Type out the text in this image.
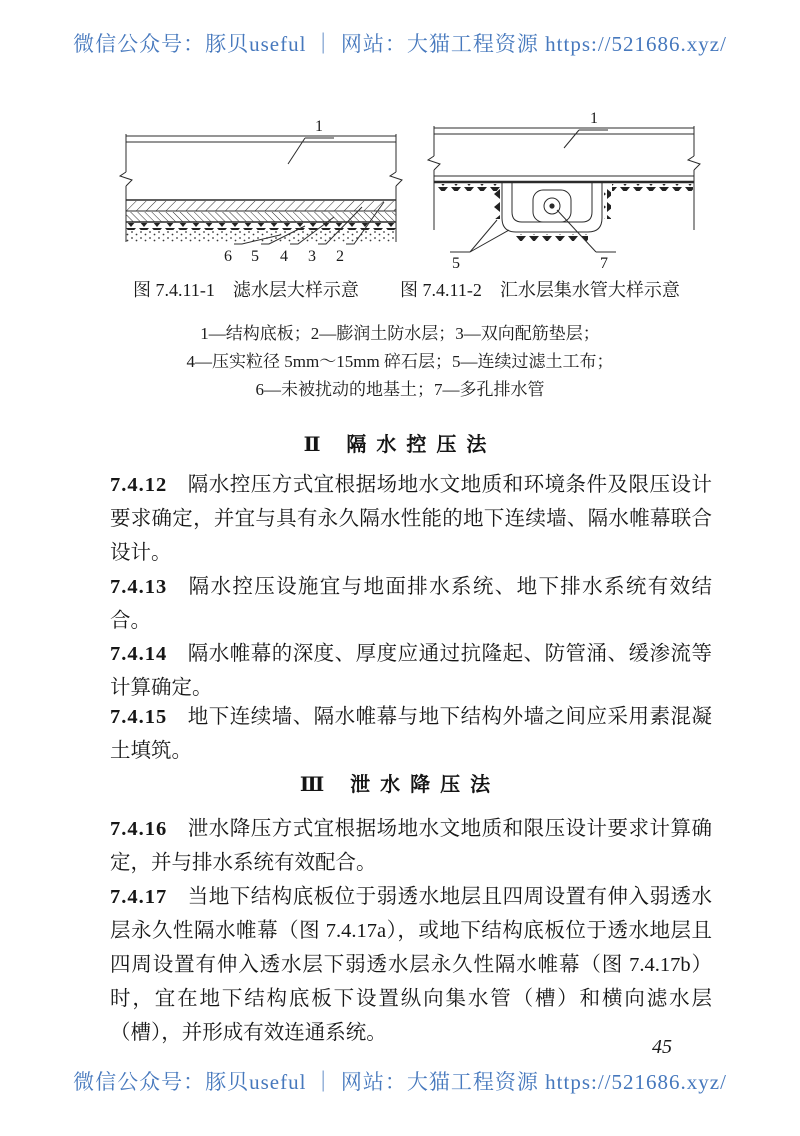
微信公众号：豚贝useful ｜ 网站：大猫工程资源 https://521686.xyz/
1
6 5 4 3 2
1
5	7
图 7.4.11-1　滤水层大样示意 图 7.4.11-2　汇水层集水管大样示意
1—结构底板；2—膨润土防水层；3—双向配筋垫层；
4—压实粒径 5mm～15mm 碎石层；5—连续过滤土工布；
6—未被扰动的地基土；7—多孔排水管
Ⅱ 隔水控压法
7.4.12 隔水控压方式宜根据场地水文地质和环境条件及限压设计要求确定，并宜与具有永久隔水性能的地下连续墙、隔水帷幕联合设计。
7.4.13 隔水控压设施宜与地面排水系统、地下排水系统有效结合。
7.4.14 隔水帷幕的深度、厚度应通过抗隆起、防管涌、缓渗流等计算确定。
7.4.15 地下连续墙、隔水帷幕与地下结构外墙之间应采用素混凝土填筑。
Ⅲ 泄水降压法
7.4.16 泄水降压方式宜根据场地水文地质和限压设计要求计算确定，并与排水系统有效配合。
7.4.17 当地下结构底板位于弱透水地层且四周设置有伸入弱透水层永久性隔水帷幕（图 7.4.17a），或地下结构底板位于透水地层且四周设置有伸入透水层下弱透水层永久性隔水帷幕（图 7.4.17b）时，宜在地下结构底板下设置纵向集水管（槽）和横向滤水层（槽），并形成有效连通系统。
45
微信公众号：豚贝useful ｜ 网站：大猫工程资源 https://521686.xyz/
